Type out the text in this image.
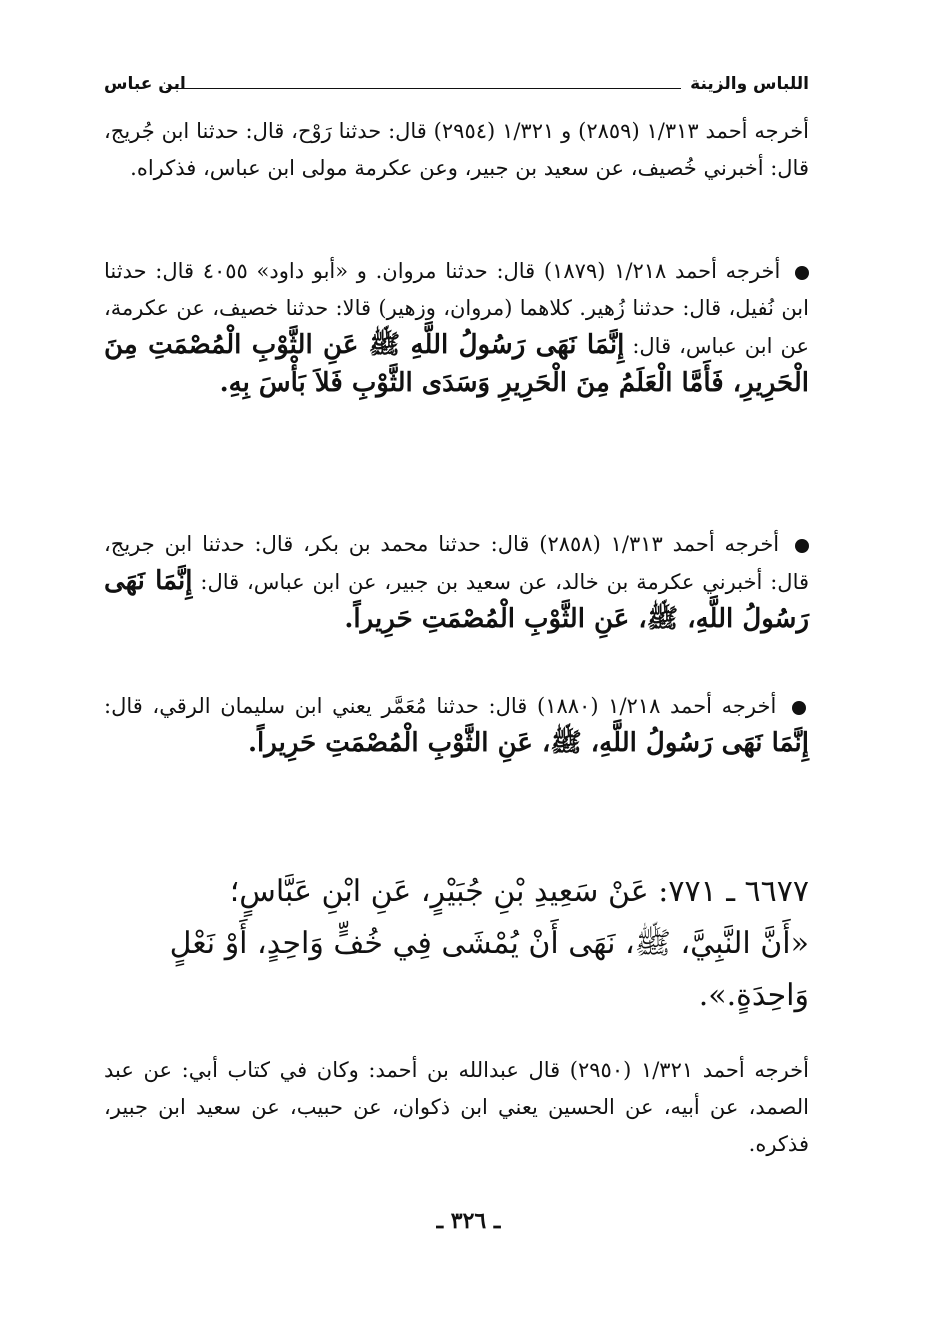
اللباس والزينة
ابن عباس

أخرجه أحمد ١/٣١٣ (٢٨٥٩) و ١/٣٢١ (٢٩٥٤) قال: حدثنا رَوْح، قال: حدثنا ابن جُريج، قال: أخبرني خُصيف، عن سعيد بن جبير، وعن عكرمة مولى ابن عباس، فذكراه.

أخرجه أحمد ١/٢١٨ (١٨٧٩) قال: حدثنا مروان. و «أبو داود» ٤٠٥٥ قال: حدثنا ابن نُفيل، قال: حدثنا زُهير. كلاهما (مروان، وزهير) قالا: حدثنا خصيف، عن عكرمة، عن ابن عباس، قال: إِنَّمَا نَهَى رَسُولُ اللَّهِ ﷺ عَنِ الثَّوْبِ الْمُصْمَتِ مِنَ الْحَرِيرِ، فَأَمَّا الْعَلَمُ مِنَ الْحَرِيرِ وَسَدَى الثَّوْبِ فَلاَ بَأْسَ بِهِ.

أخرجه أحمد ١/٣١٣ (٢٨٥٨) قال: حدثنا محمد بن بكر، قال: حدثنا ابن جريج، قال: أخبرني عكرمة بن خالد، عن سعيد بن جبير، عن ابن عباس، قال: إِنَّمَا نَهَى رَسُولُ اللَّهِ، ﷺ، عَنِ الثَّوْبِ الْمُصْمَتِ حَرِيراً.

أخرجه أحمد ١/٢١٨ (١٨٨٠) قال: حدثنا مُعَمَّر يعني ابن سليمان الرقي، قال: إِنَّمَا نَهَى رَسُولُ اللَّهِ، ﷺ، عَنِ الثَّوْبِ الْمُصْمَتِ حَرِيراً.

٦٦٧٧ ـ ٧٧١: عَنْ سَعِيدِ بْنِ جُبَيْرٍ، عَنِ ابْنِ عَبَّاسٍ؛

«أَنَّ النَّبِيَّ، ﷺ، نَهَى أَنْ يُمْشَى فِي خُفٍّ وَاحِدٍ، أَوْ نَعْلٍ وَاحِدَةٍ.».

أخرجه أحمد ١/٣٢١ (٢٩٥٠) قال عبدالله بن أحمد: وكان في كتاب أبي: عن عبد الصمد، عن أبيه، عن الحسين يعني ابن ذكوان، عن حبيب، عن سعيد ابن جبير، فذكره.

ـ ٣٢٦ ـ
